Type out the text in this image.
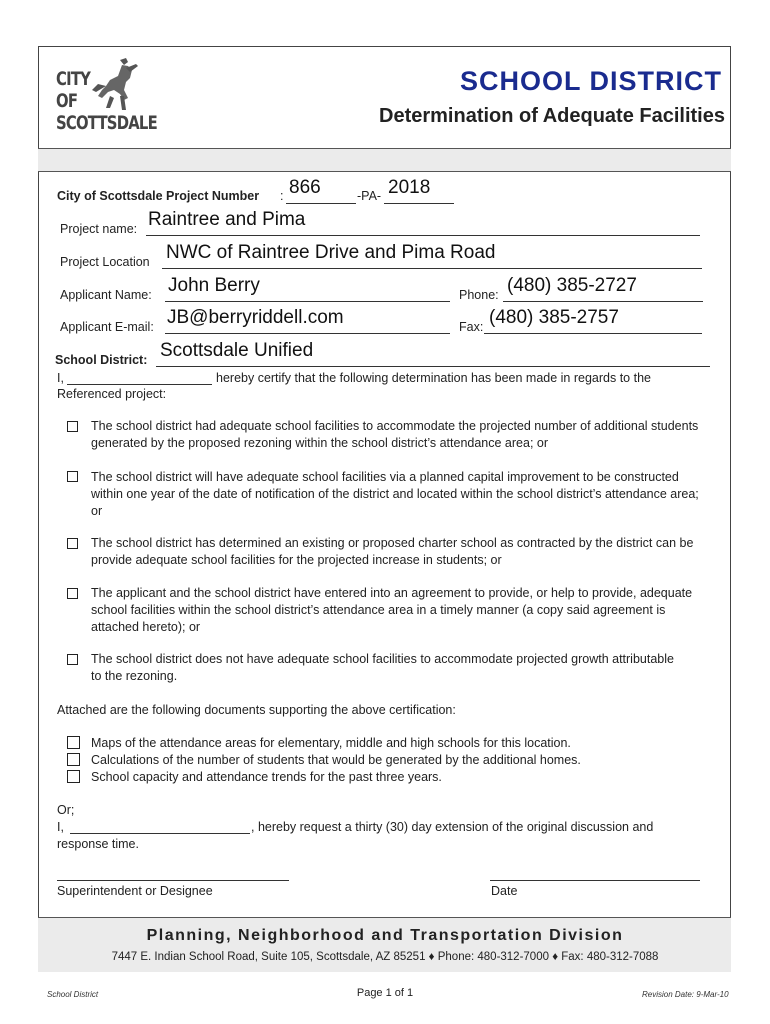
CITY
OF
SCOTTSDALE
SCHOOL DISTRICT
Determination of Adequate Facilities
City of Scottsdale Project Number : 866	-PA- 2018
Project name: Raintree and Pima
Project Location NWC of Raintree Drive and Pima Road
Applicant Name: John Berry	Phone: (480) 385-2727
Applicant E-mail: JB@berryriddell.com	Fax: (480) 385-2757
School District: Scottsdale Unified
I,	hereby certify that the following determination has been made in regards to the
Referenced project:
The school district had adequate school facilities to accommodate the projected number of additional students generated by the proposed rezoning within the school district’s attendance area; or
The school district will have adequate school facilities via a planned capital improvement to be constructed within one year of the date of notification of the district and located within the school district’s attendance area; or
The school district has determined an existing or proposed charter school as contracted by the district can be provide adequate school facilities for the projected increase in students; or
The applicant and the school district have entered into an agreement to provide, or help to provide, adequate school facilities within the school district’s attendance area in a timely manner (a copy said agreement is attached hereto); or
The school district does not have adequate school facilities to accommodate projected growth attributable to the rezoning.
Attached are the following documents supporting the above certification:
Maps of the attendance areas for elementary, middle and high schools for this location.
Calculations of the number of students that would be generated by the additional homes.
School capacity and attendance trends for the past three years.
Or;
I,	, hereby request a thirty (30) day extension of the original discussion and
response time.
Superintendent or Designee	Date
Planning, Neighborhood and Transportation Division
7447 E. Indian School Road, Suite 105, Scottsdale, AZ 85251 ♦ Phone: 480-312-7000 ♦ Fax: 480-312-7088
School District	Page 1 of 1	Revision Date: 9-Mar-10
